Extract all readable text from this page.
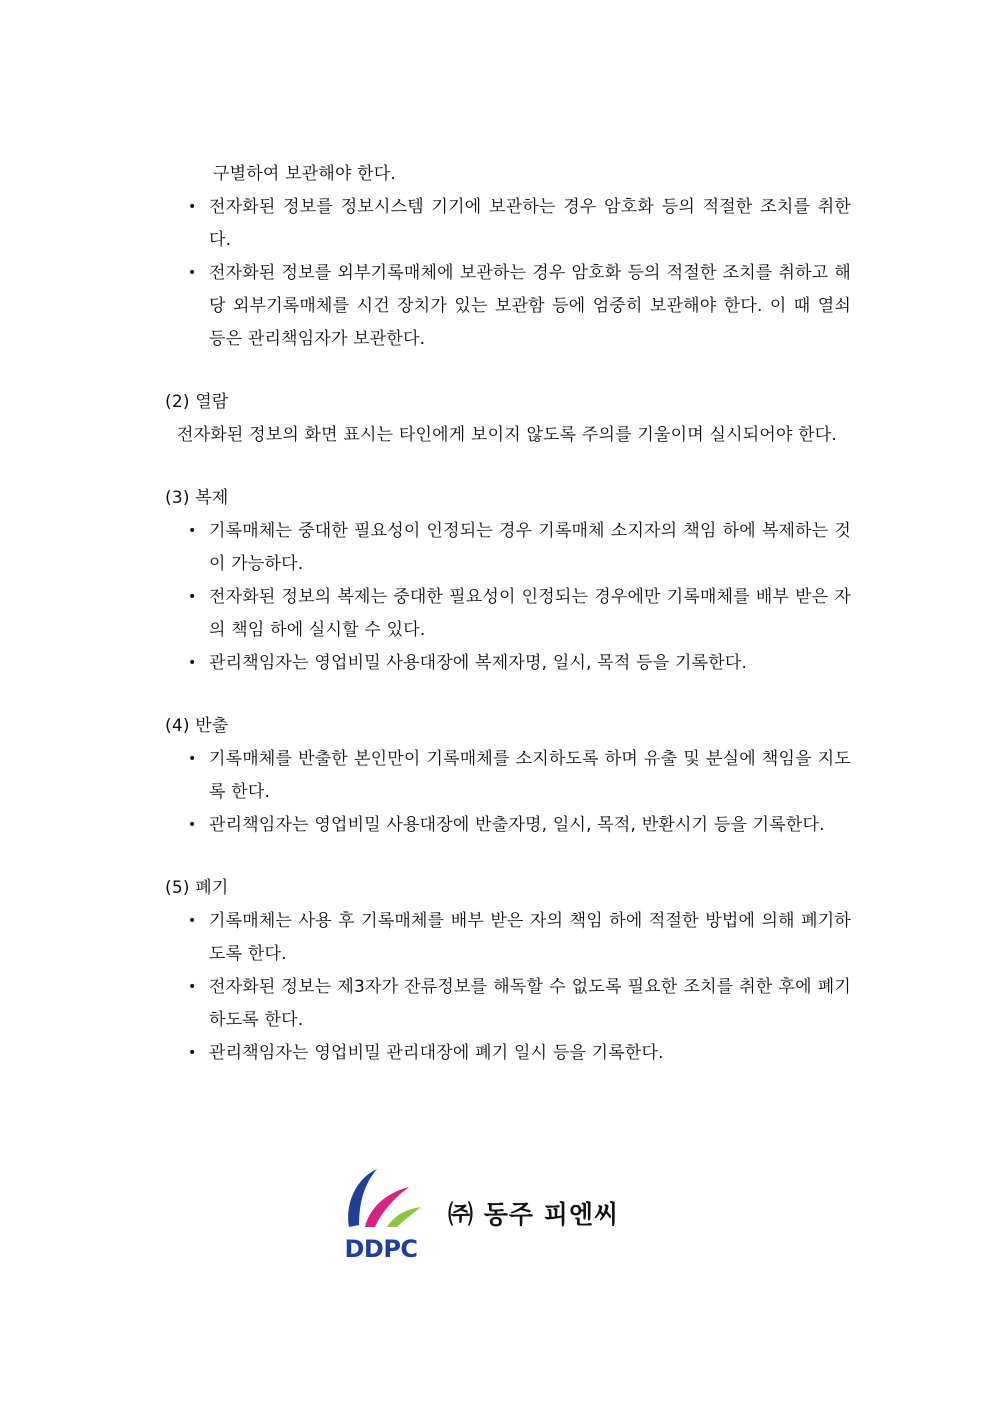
구별하여 보관해야 한다.
• 전자화된 정보를 정보시스템 기기에 보관하는 경우 암호화 등의 적절한 조치를 취한다.
• 전자화된 정보를 외부기록매체에 보관하는 경우 암호화 등의 적절한 조치를 취하고 해당 외부기록매체를 시건 장치가 있는 보관함 등에 엄중히 보관해야 한다. 이 때 열쇠 등은 관리책임자가 보관한다.
(2) 열람
전자화된 정보의 화면 표시는 타인에게 보이지 않도록 주의를 기울이며 실시되어야 한다.
(3) 복제
• 기록매체는 중대한 필요성이 인정되는 경우 기록매체 소지자의 책임 하에 복제하는 것이 가능하다.
• 전자화된 정보의 복제는 중대한 필요성이 인정되는 경우에만 기록매체를 배부 받은 자의 책임 하에 실시할 수 있다.
• 관리책임자는 영업비밀 사용대장에 복제자명, 일시, 목적 등을 기록한다.
(4) 반출
• 기록매체를 반출한 본인만이 기록매체를 소지하도록 하며 유출 및 분실에 책임을 지도록 한다.
• 관리책임자는 영업비밀 사용대장에 반출자명, 일시, 목적, 반환시기 등을 기록한다.
(5) 폐기
• 기록매체는 사용 후 기록매체를 배부 받은 자의 책임 하에 적절한 방법에 의해 폐기하도록 한다.
• 전자화된 정보는 제3자가 잔류정보를 해독할 수 없도록 필요한 조치를 취한 후에 폐기하도록 한다.
• 관리책임자는 영업비밀 관리대장에 폐기 일시 등을 기록한다.
DDPC
㈜ 동주 피엔씨
